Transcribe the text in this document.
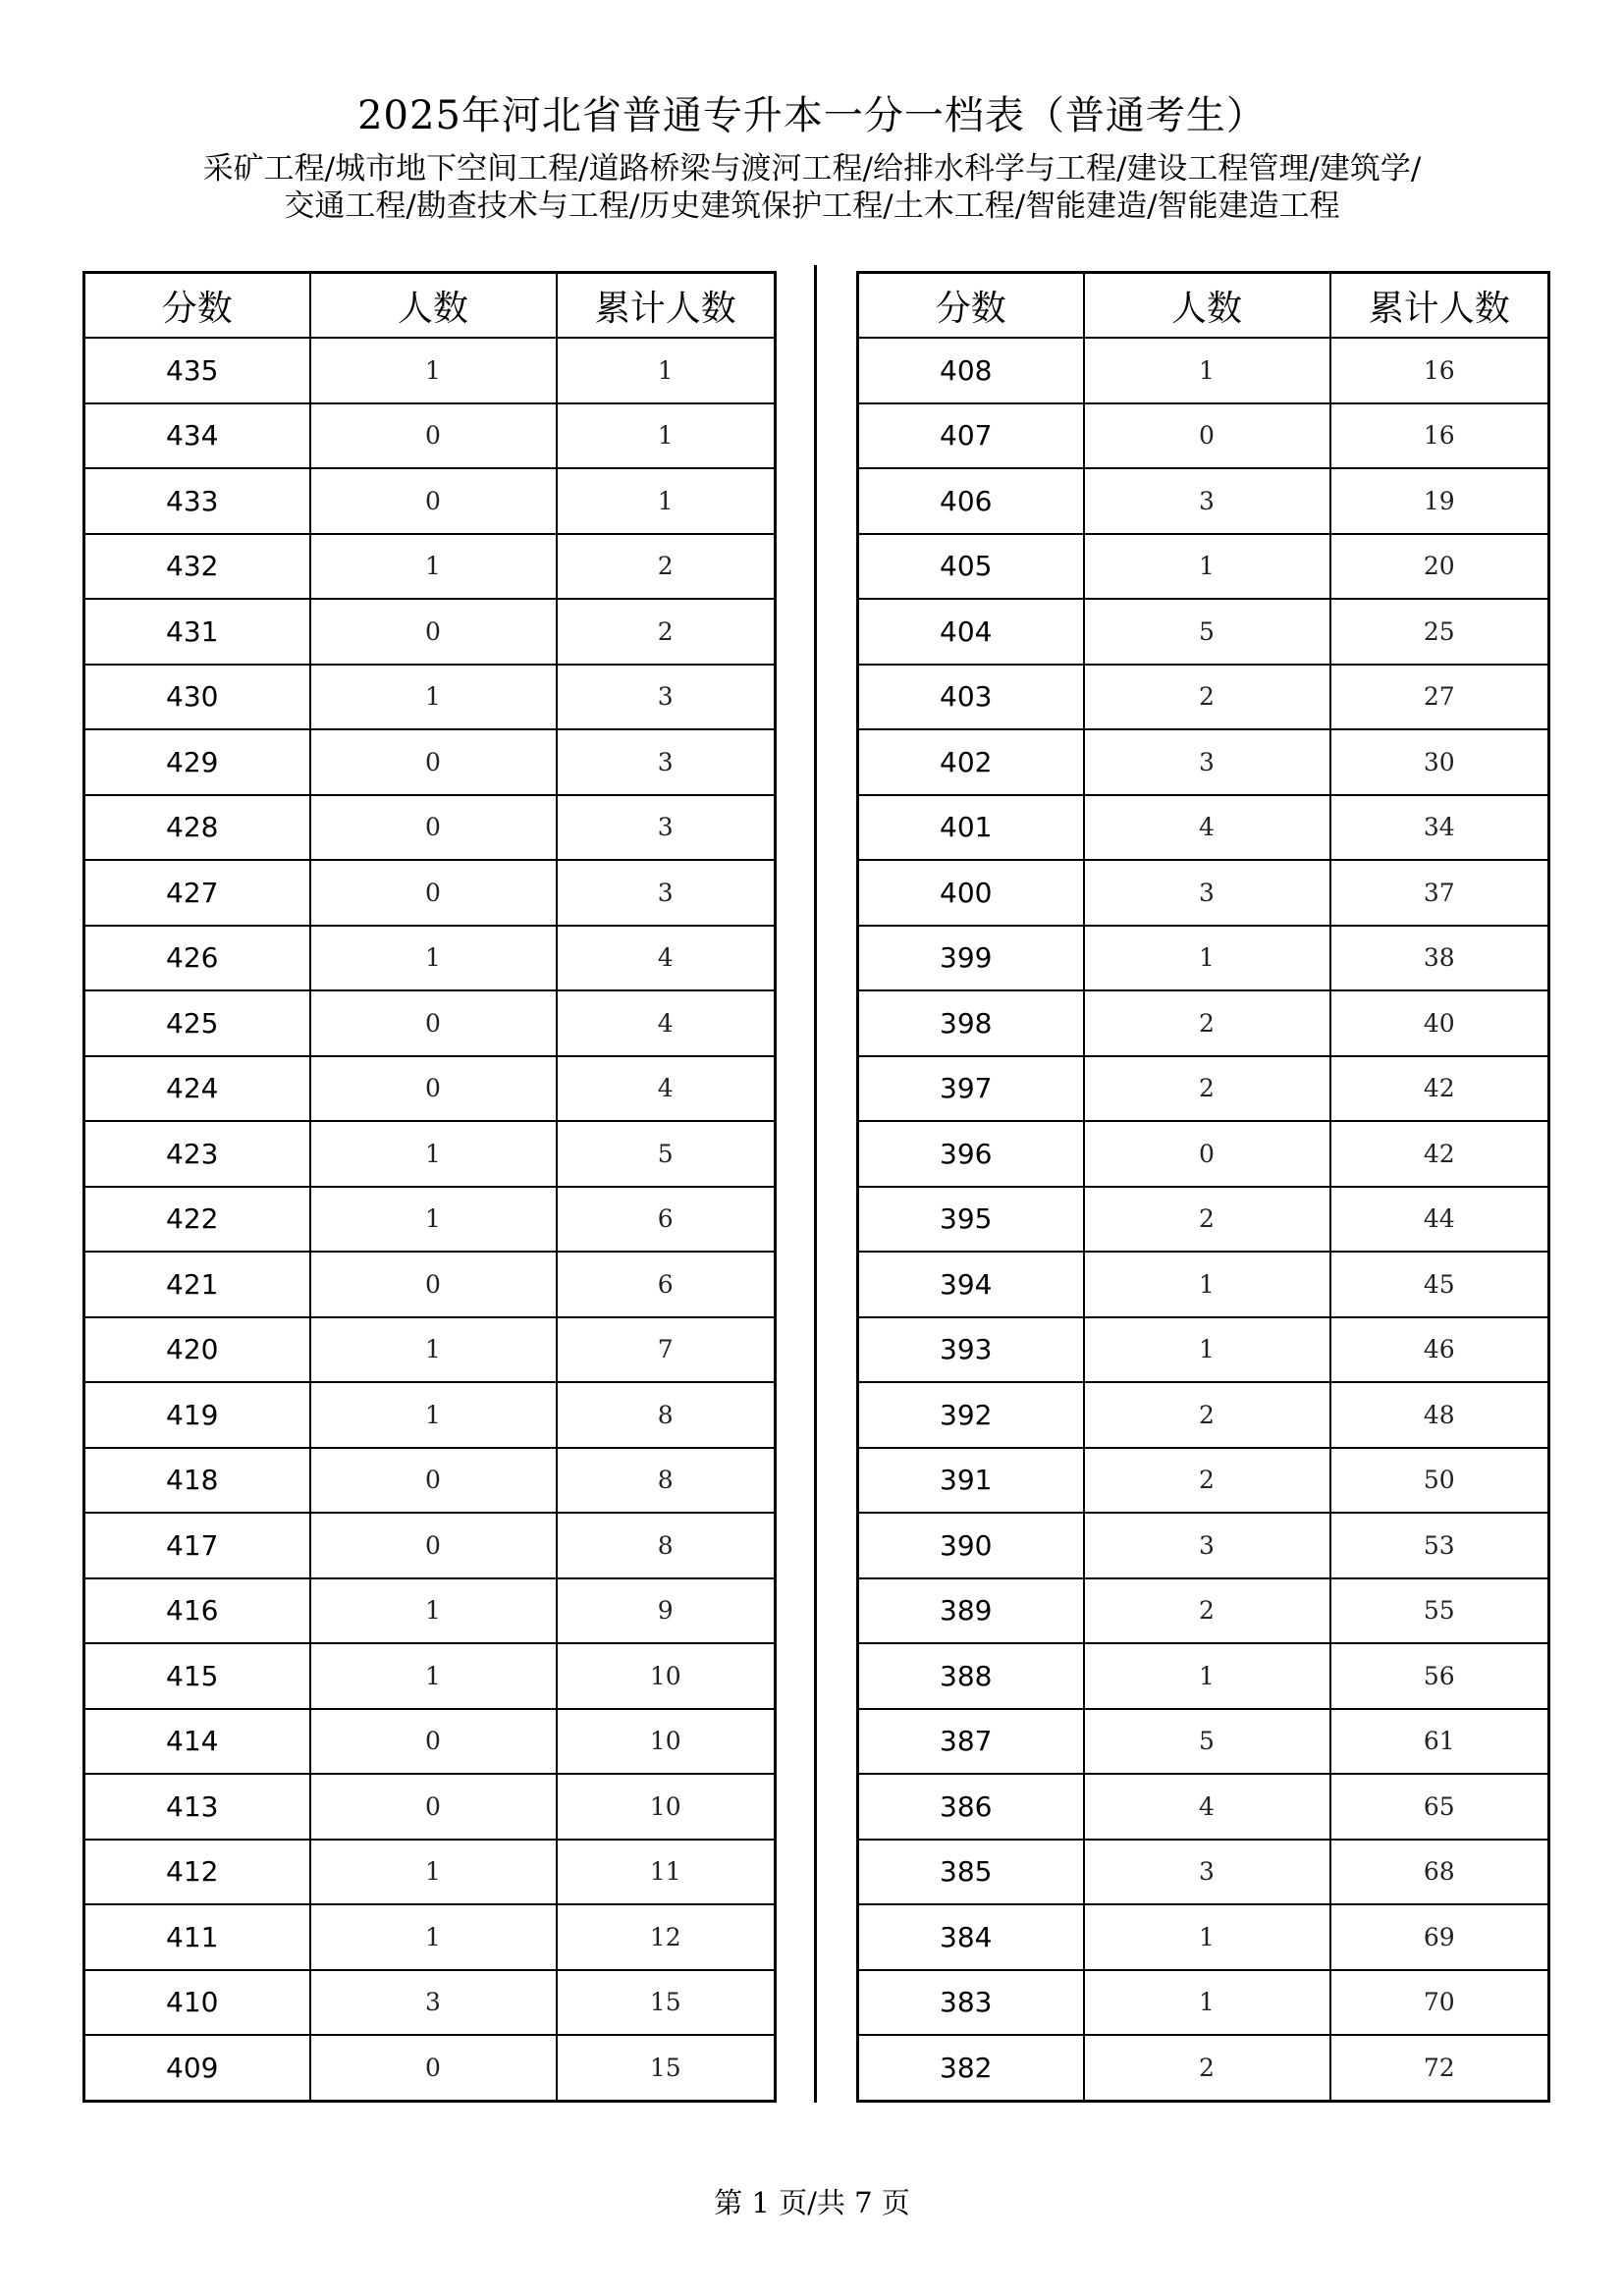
2025年河北省普通专升本一分一档表（普通考生）
采矿工程/城市地下空间工程/道路桥梁与渡河工程/给排水科学与工程/建设工程管理/建筑学/
交通工程/勘查技术与工程/历史建筑保护工程/土木工程/智能建造/智能建造工程
分数	人数	累计人数
435	1	1
434	0	1
433	0	1
432	1	2
431	0	2
430	1	3
429	0	3
428	0	3
427	0	3
426	1	4
425	0	4
424	0	4
423	1	5
422	1	6
421	0	6
420	1	7
419	1	8
418	0	8
417	0	8
416	1	9
415	1	10
414	0	10
413	0	10
412	1	11
411	1	12
410	3	15
409	0	15
分数	人数	累计人数
408	1	16
407	0	16
406	3	19
405	1	20
404	5	25
403	2	27
402	3	30
401	4	34
400	3	37
399	1	38
398	2	40
397	2	42
396	0	42
395	2	44
394	1	45
393	1	46
392	2	48
391	2	50
390	3	53
389	2	55
388	1	56
387	5	61
386	4	65
385	3	68
384	1	69
383	1	70
382	2	72
第 1 页/共 7 页
